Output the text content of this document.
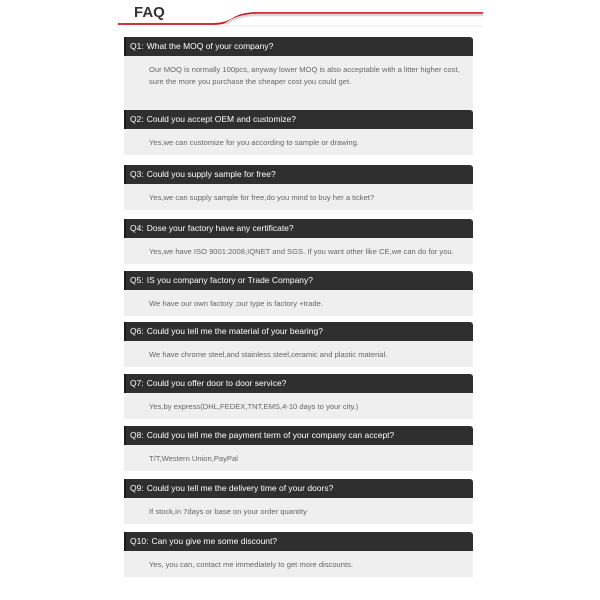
FAQ
Q1: What the MOQ of your company?
Our MOQ is normally 100pcs, anyway lower MOQ is also acceptable with a litter higher cost, sure the more you purchase the cheaper cost you could get.
Q2: Could you accept OEM and customize?
Yes,we can customize for you according to sample or drawing.
Q3: Could you supply sample for free?
Yes,we can supply sample for free,do you mind to buy her a ticket?
Q4: Dose your factory have any certificate?
Yes,we have ISO 9001:2008,IQNET and SGS. If you want other like CE,we can do for you.
Q5: IS you company factory or Trade Company?
We have our own factory ;our type is factory +trade.
Q6: Could you tell me the material of your bearing?
We have chrome steel,and stainless steel,ceramic and plastic material.
Q7: Could you offer door to door service?
Yes,by express(DHL,FEDEX,TNT,EMS,4-10 days to your city.)
Q8: Could you tell me the payment term of your company can accept?
T/T,Western Union,PayPal
Q9: Could you tell me the delivery time of your doors?
If stock,in 7days or base on your order quantity
Q10: Can you give me some discount?
Yes, you can, contact me immediately to get more discounts.
